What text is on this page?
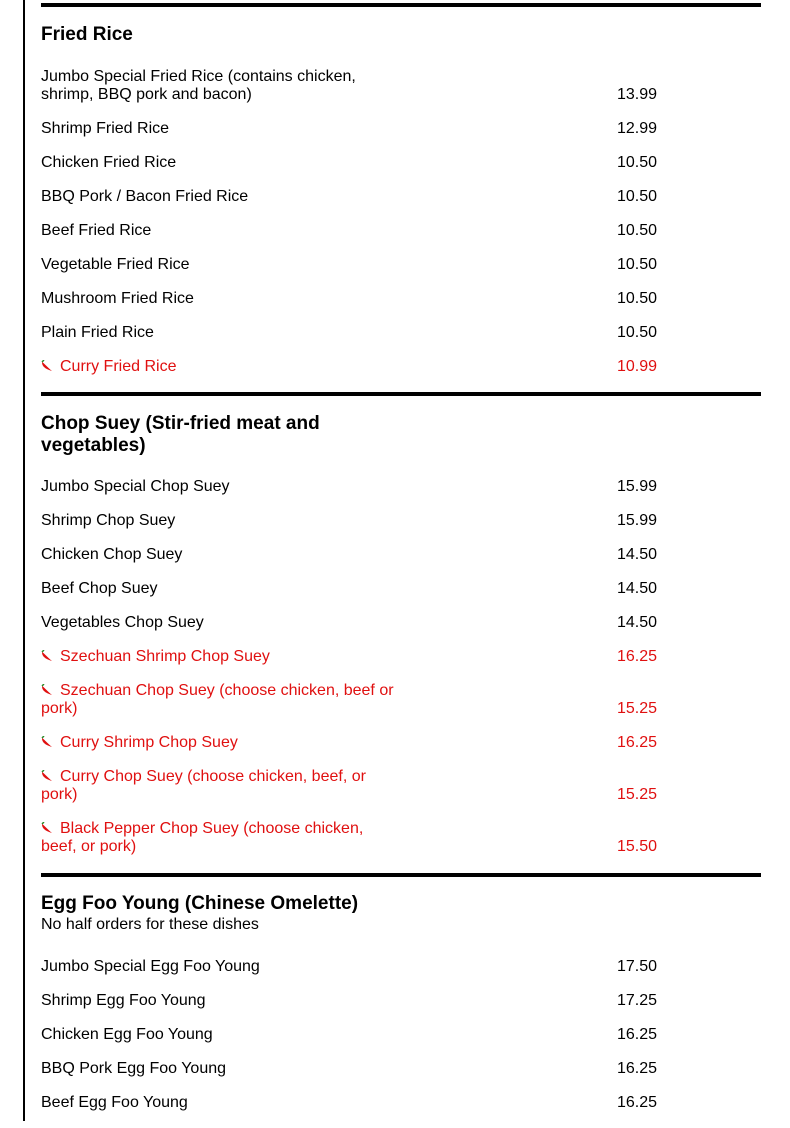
Fried Rice
Jumbo Special Fried Rice (contains chicken, shrimp, BBQ pork and bacon)	13.99
Shrimp Fried Rice	12.99
Chicken Fried Rice	10.50
BBQ Pork / Bacon Fried Rice	10.50
Beef Fried Rice	10.50
Vegetable Fried Rice	10.50
Mushroom Fried Rice	10.50
Plain Fried Rice	10.50
Curry Fried Rice	10.99
Chop Suey (Stir-fried meat and vegetables)
Jumbo Special Chop Suey	15.99
Shrimp Chop Suey	15.99
Chicken Chop Suey	14.50
Beef Chop Suey	14.50
Vegetables Chop Suey	14.50
Szechuan Shrimp Chop Suey	16.25
Szechuan Chop Suey (choose chicken, beef or pork)	15.25
Curry Shrimp Chop Suey	16.25
Curry Chop Suey (choose chicken, beef, or pork)	15.25
Black Pepper Chop Suey (choose chicken, beef, or pork)	15.50
Egg Foo Young (Chinese Omelette)

No half orders for these dishes

Jumbo Special Egg Foo Young	17.50
Shrimp Egg Foo Young	17.25
Chicken Egg Foo Young	16.25
BBQ Pork Egg Foo Young	16.25
Beef Egg Foo Young	16.25
